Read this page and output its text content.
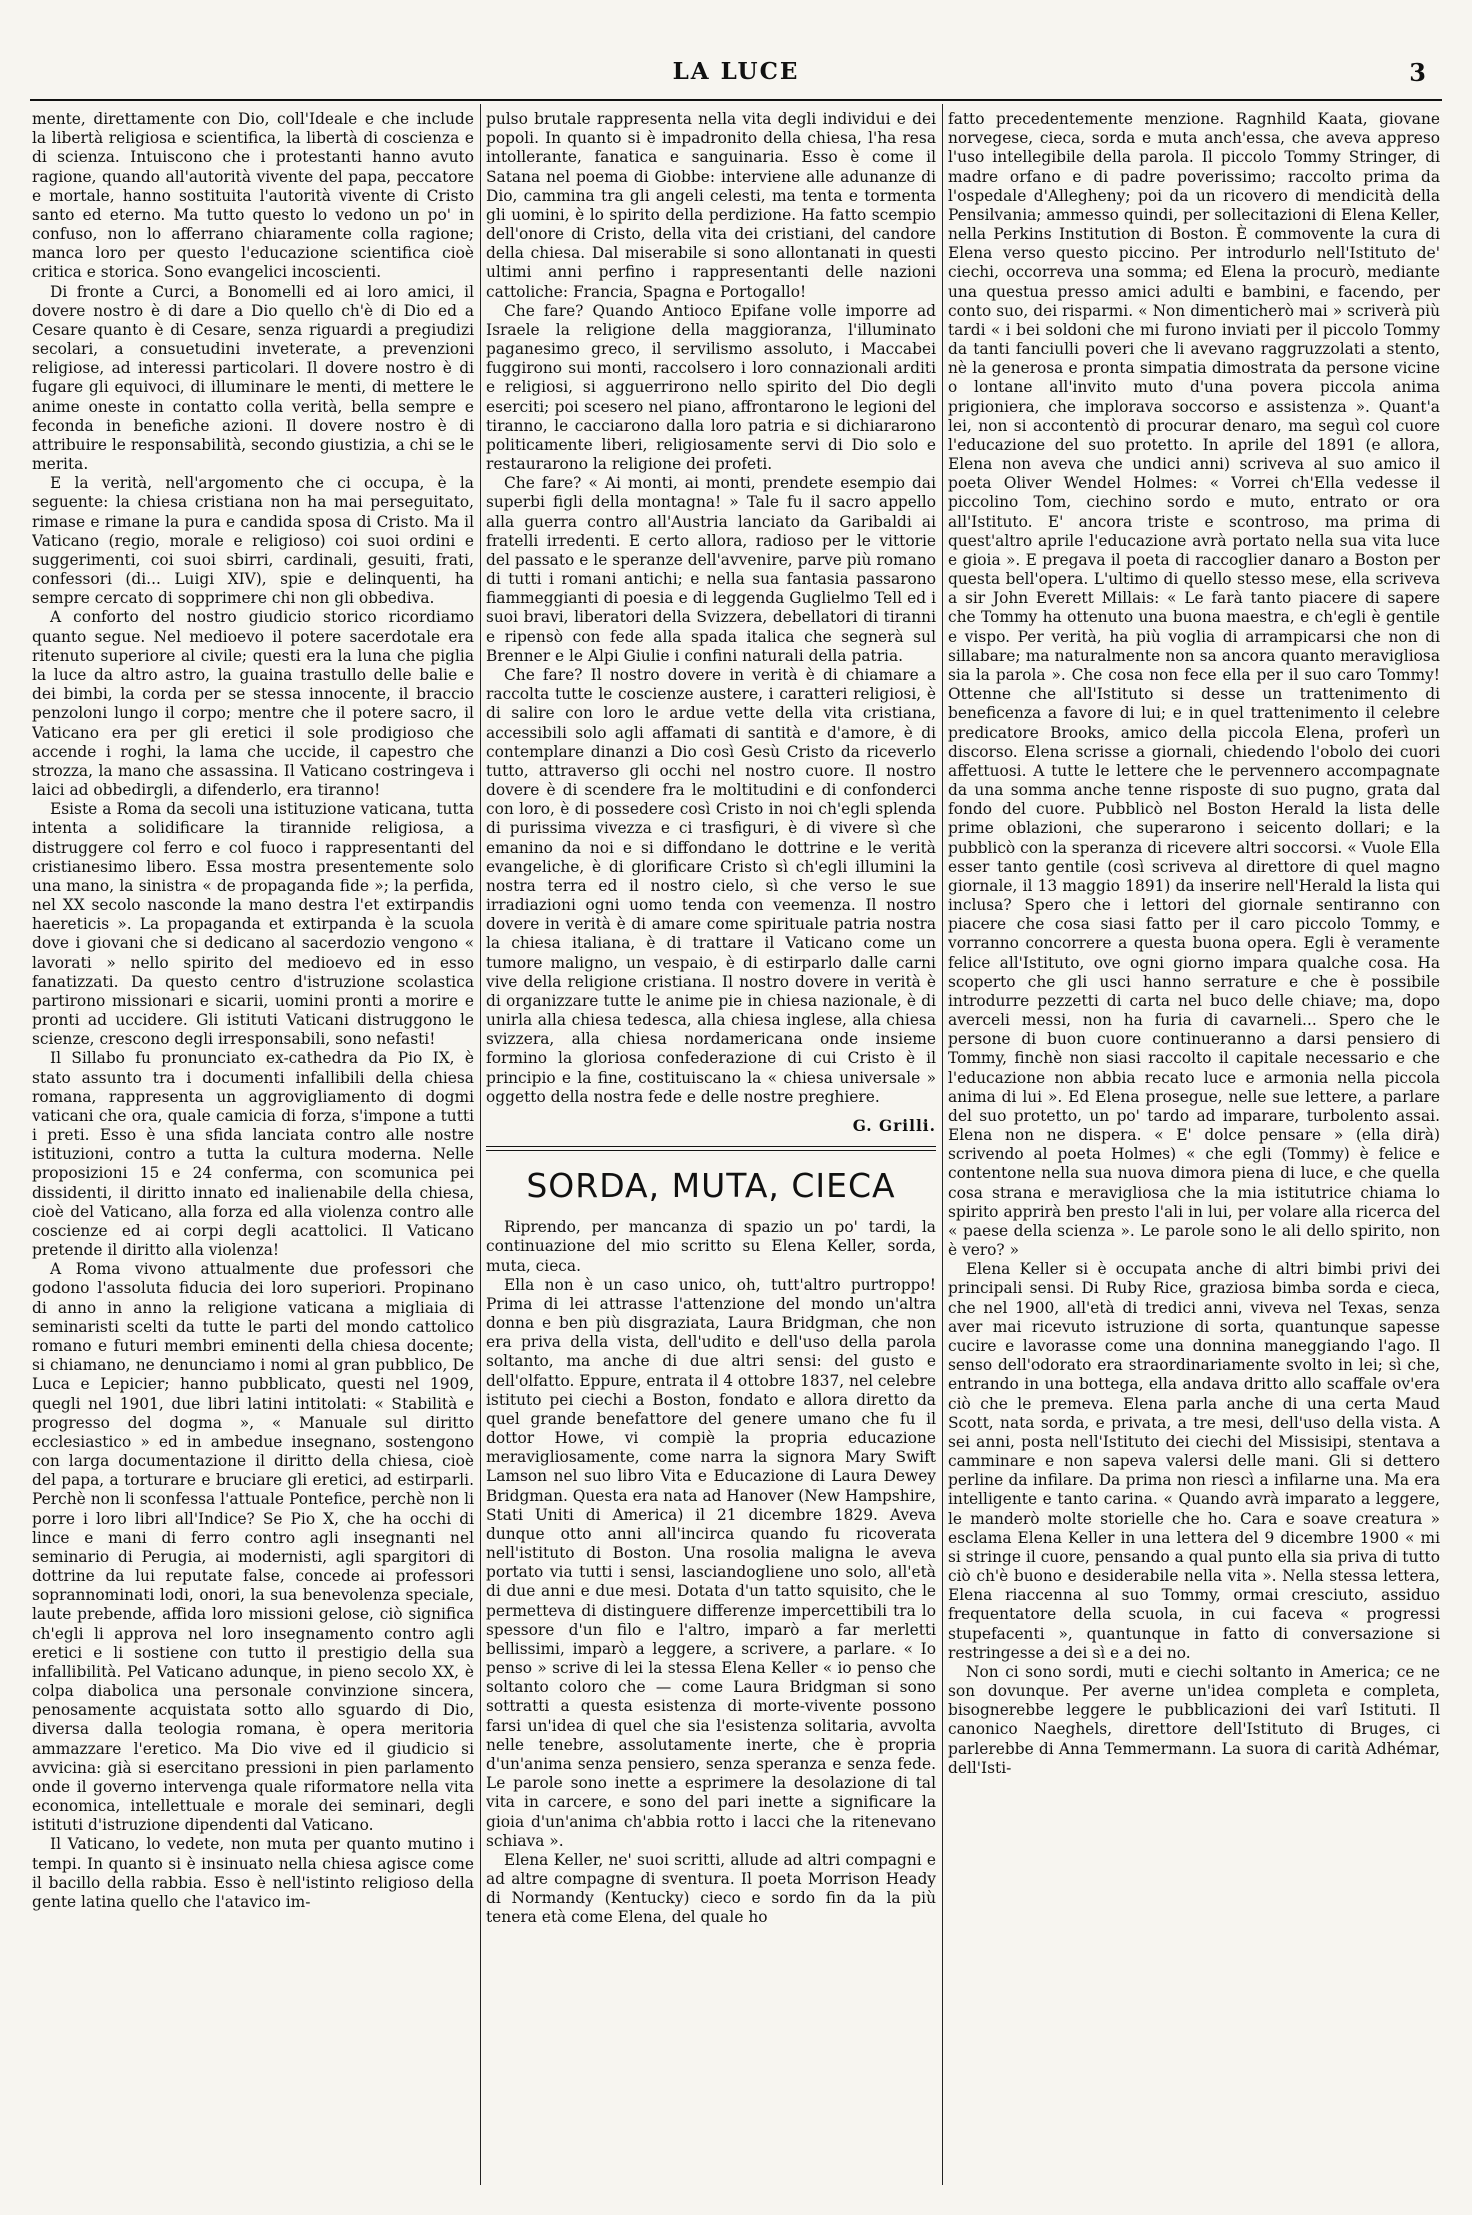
LA LUCE	3

mente, direttamente con Dio, coll'Ideale e che include la libertà religiosa e scientifica, la libertà di coscienza e di scienza. Intuiscono che i protestanti hanno avuto ragione, quando all'autorità vivente del papa, peccatore e mortale, hanno sostituita l'autorità vivente di Cristo santo ed eterno. Ma tutto questo lo vedono un po' in confuso, non lo afferrano chiaramente colla ragione; manca loro per questo l'educazione scientifica cioè critica e storica. Sono evangelici incoscienti.

Di fronte a Curci, a Bonomelli ed ai loro amici, il dovere nostro è di dare a Dio quello ch'è di Dio ed a Cesare quanto è di Cesare, senza riguardi a pregiudizi secolari, a consuetudini inveterate, a prevenzioni religiose, ad interessi particolari. Il dovere nostro è di fugare gli equivoci, di illuminare le menti, di mettere le anime oneste in contatto colla verità, bella sempre e feconda in benefiche azioni. Il dovere nostro è di attribuire le responsabilità, secondo giustizia, a chi se le merita.

E la verità, nell'argomento che ci occupa, è la seguente: la chiesa cristiana non ha mai perseguitato, rimase e rimane la pura e candida sposa di Cristo. Ma il Vaticano (regio, morale e religioso) coi suoi ordini e suggerimenti, coi suoi sbirri, cardinali, gesuiti, frati, confessori (di... Luigi XIV), spie e delinquenti, ha sempre cercato di sopprimere chi non gli obbediva.

A conforto del nostro giudicio storico ricordiamo quanto segue. Nel medioevo il potere sacerdotale era ritenuto superiore al civile; questi era la luna che piglia la luce da altro astro, la guaina trastullo delle balie e dei bimbi, la corda per se stessa innocente, il braccio penzoloni lungo il corpo; mentre che il potere sacro, il Vaticano era per gli eretici il sole prodigioso che accende i roghi, la lama che uccide, il capestro che strozza, la mano che assassina. Il Vaticano costringeva i laici ad obbedirgli, a difenderlo, era tiranno!

Esiste a Roma da secoli una istituzione vaticana, tutta intenta a solidificare la tirannide religiosa, a distruggere col ferro e col fuoco i rappresentanti del cristianesimo libero. Essa mostra presentemente solo una mano, la sinistra « de propaganda fide »; la perfida, nel XX secolo nasconde la mano destra l'et extirpandis haereticis ». La propaganda et extirpanda è la scuola dove i giovani che si dedicano al sacerdozio vengono « lavorati » nello spirito del medioevo ed in esso fanatizzati. Da questo centro d'istruzione scolastica partirono missionari e sicarii, uomini pronti a morire e pronti ad uccidere. Gli istituti Vaticani distruggono le scienze, crescono degli irresponsabili, sono nefasti!

Il Sillabo fu pronunciato ex-cathedra da Pio IX, è stato assunto tra i documenti infallibili della chiesa romana, rappresenta un aggrovigliamento di dogmi vaticani che ora, quale camicia di forza, s'impone a tutti i preti. Esso è una sfida lanciata contro alle nostre istituzioni, contro a tutta la cultura moderna. Nelle proposizioni 15 e 24 conferma, con scomunica pei dissidenti, il diritto innato ed inalienabile della chiesa, cioè del Vaticano, alla forza ed alla violenza contro alle coscienze ed ai corpi degli acattolici. Il Vaticano pretende il diritto alla violenza!

A Roma vivono attualmente due professori che godono l'assoluta fiducia dei loro superiori. Propinano di anno in anno la religione vaticana a migliaia di seminaristi scelti da tutte le parti del mondo cattolico romano e futuri membri eminenti della chiesa docente; si chiamano, ne denunciamo i nomi al gran pubblico, De Luca e Lepicier; hanno pubblicato, questi nel 1909, quegli nel 1901, due libri latini intitolati: « Stabilità e progresso del dogma », « Manuale sul diritto ecclesiastico » ed in ambedue insegnano, sostengono con larga documentazione il diritto della chiesa, cioè del papa, a torturare e bruciare gli eretici, ad estirparli. Perchè non li sconfessa l'attuale Pontefice, perchè non li porre i loro libri all'Indice? Se Pio X, che ha occhi di lince e mani di ferro contro agli insegnanti nel seminario di Perugia, ai modernisti, agli spargitori di dottrine da lui reputate false, concede ai professori soprannominati lodi, onori, la sua benevolenza speciale, laute prebende, affida loro missioni gelose, ciò significa ch'egli li approva nel loro insegnamento contro agli eretici e li sostiene con tutto il prestigio della sua infallibilità. Pel Vaticano adunque, in pieno secolo XX, è colpa diabolica una personale convinzione sincera, penosamente acquistata sotto allo sguardo di Dio, diversa dalla teologia romana, è opera meritoria ammazzare l'eretico. Ma Dio vive ed il giudicio si avvicina: già si esercitano pressioni in pien parlamento onde il governo intervenga quale riformatore nella vita economica, intellettuale e morale dei seminari, degli istituti d'istruzione dipendenti dal Vaticano.

Il Vaticano, lo vedete, non muta per quanto mutino i tempi. In quanto si è insinuato nella chiesa agisce come il bacillo della rabbia. Esso è nell'istinto religioso della gente latina quello che l'atavico im-

pulso brutale rappresenta nella vita degli individui e dei popoli. In quanto si è impadronito della chiesa, l'ha resa intollerante, fanatica e sanguinaria. Esso è come il Satana nel poema di Giobbe: interviene alle adunanze di Dio, cammina tra gli angeli celesti, ma tenta e tormenta gli uomini, è lo spirito della perdizione. Ha fatto scempio dell'onore di Cristo, della vita dei cristiani, del candore della chiesa. Dal miserabile si sono allontanati in questi ultimi anni perfino i rappresentanti delle nazioni cattoliche: Francia, Spagna e Portogallo!

Che fare? Quando Antioco Epifane volle imporre ad Israele la religione della maggioranza, l'illuminato paganesimo greco, il servilismo assoluto, i Maccabei fuggirono sui monti, raccolsero i loro connazionali arditi e religiosi, si agguerrirono nello spirito del Dio degli eserciti; poi scesero nel piano, affrontarono le legioni del tiranno, le cacciarono dalla loro patria e si dichiararono politicamente liberi, religiosamente servi di Dio solo e restaurarono la religione dei profeti.

Che fare? « Ai monti, ai monti, prendete esempio dai superbi figli della montagna! » Tale fu il sacro appello alla guerra contro all'Austria lanciato da Garibaldi ai fratelli irredenti. E certo allora, radioso per le vittorie del passato e le speranze dell'avvenire, parve più romano di tutti i romani antichi; e nella sua fantasia passarono fiammeggianti di poesia e di leggenda Guglielmo Tell ed i suoi bravi, liberatori della Svizzera, debellatori di tiranni e ripensò con fede alla spada italica che segnerà sul Brenner e le Alpi Giulie i confini naturali della patria.

Che fare? Il nostro dovere in verità è di chiamare a raccolta tutte le coscienze austere, i caratteri religiosi, è di salire con loro le ardue vette della vita cristiana, accessibili solo agli affamati di santità e d'amore, è di contemplare dinanzi a Dio così Gesù Cristo da riceverlo tutto, attraverso gli occhi nel nostro cuore. Il nostro dovere è di scendere fra le moltitudini e di confonderci con loro, è di possedere così Cristo in noi ch'egli splenda di purissima vivezza e ci trasfiguri, è di vivere sì che emanino da noi e si diffondano le dottrine e le verità evangeliche, è di glorificare Cristo sì ch'egli illumini la nostra terra ed il nostro cielo, sì che verso le sue irradiazioni ogni uomo tenda con veemenza. Il nostro dovere in verità è di amare come spirituale patria nostra la chiesa italiana, è di trattare il Vaticano come un tumore maligno, un vespaio, è di estirparlo dalle carni vive della religione cristiana. Il nostro dovere in verità è di organizzare tutte le anime pie in chiesa nazionale, è di unirla alla chiesa tedesca, alla chiesa inglese, alla chiesa svizzera, alla chiesa nordamericana onde insieme formino la gloriosa confederazione di cui Cristo è il principio e la fine, costituiscano la « chiesa universale » oggetto della nostra fede e delle nostre preghiere.

G. Grilli.
SORDA, MUTA, CIECA

Riprendo, per mancanza di spazio un po' tardi, la continuazione del mio scritto su Elena Keller, sorda, muta, cieca.

Ella non è un caso unico, oh, tutt'altro purtroppo! Prima di lei attrasse l'attenzione del mondo un'altra donna e ben più disgraziata, Laura Bridgman, che non era priva della vista, dell'udito e dell'uso della parola soltanto, ma anche di due altri sensi: del gusto e dell'olfatto. Eppure, entrata il 4 ottobre 1837, nel celebre istituto pei ciechi a Boston, fondato e allora diretto da quel grande benefattore del genere umano che fu il dottor Howe, vi compiè la propria educazione meravigliosamente, come narra la signora Mary Swift Lamson nel suo libro Vita e Educazione di Laura Dewey Bridgman. Questa era nata ad Hanover (New Hampshire, Stati Uniti di America) il 21 dicembre 1829. Aveva dunque otto anni all'incirca quando fu ricoverata nell'istituto di Boston. Una rosolia maligna le aveva portato via tutti i sensi, lasciandogliene uno solo, all'età di due anni e due mesi. Dotata d'un tatto squisito, che le permetteva di distinguere differenze impercettibili tra lo spessore d'un filo e l'altro, imparò a far merletti bellissimi, imparò a leggere, a scrivere, a parlare. « Io penso » scrive di lei la stessa Elena Keller « io penso che soltanto coloro che — come Laura Bridgman si sono sottratti a questa esistenza di morte-vivente possono farsi un'idea di quel che sia l'esistenza solitaria, avvolta nelle tenebre, assolutamente inerte, che è propria d'un'anima senza pensiero, senza speranza e senza fede. Le parole sono inette a esprimere la desolazione di tal vita in carcere, e sono del pari inette a significare la gioia d'un'anima ch'abbia rotto i lacci che la ritenevano schiava ».

Elena Keller, ne' suoi scritti, allude ad altri compagni e ad altre compagne di sventura. Il poeta Morrison Heady di Normandy (Kentucky) cieco e sordo fin da la più tenera età come Elena, del quale ho

fatto precedentemente menzione. Ragnhild Kaata, giovane norvegese, cieca, sorda e muta anch'essa, che aveva appreso l'uso intellegibile della parola. Il piccolo Tommy Stringer, di madre orfano e di padre poverissimo; raccolto prima da l'ospedale d'Allegheny; poi da un ricovero di mendicità della Pensilvania; ammesso quindi, per sollecitazioni di Elena Keller, nella Perkins Institution di Boston. È commovente la cura di Elena verso questo piccino. Per introdurlo nell'Istituto de' ciechi, occorreva una somma; ed Elena la procurò, mediante una questua presso amici adulti e bambini, e facendo, per conto suo, dei risparmi. « Non dimenticherò mai » scriverà più tardi « i bei soldoni che mi furono inviati per il piccolo Tommy da tanti fanciulli poveri che li avevano raggruzzolati a stento, nè la generosa e pronta simpatia dimostrata da persone vicine o lontane all'invito muto d'una povera piccola anima prigioniera, che implorava soccorso e assistenza ». Quant'a lei, non si accontentò di procurar denaro, ma seguì col cuore l'educazione del suo protetto. In aprile del 1891 (e allora, Elena non aveva che undici anni) scriveva al suo amico il poeta Oliver Wendel Holmes: « Vorrei ch'Ella vedesse il piccolino Tom, ciechino sordo e muto, entrato or ora all'Istituto. E' ancora triste e scontroso, ma prima di quest'altro aprile l'educazione avrà portato nella sua vita luce e gioia ». E pregava il poeta di raccoglier danaro a Boston per questa bell'opera. L'ultimo di quello stesso mese, ella scriveva a sir John Everett Millais: « Le farà tanto piacere di sapere che Tommy ha ottenuto una buona maestra, e ch'egli è gentile e vispo. Per verità, ha più voglia di arrampicarsi che non di sillabare; ma naturalmente non sa ancora quanto meravigliosa sia la parola ». Che cosa non fece ella per il suo caro Tommy! Ottenne che all'Istituto si desse un trattenimento di beneficenza a favore di lui; e in quel trattenimento il celebre predicatore Brooks, amico della piccola Elena, proferì un discorso. Elena scrisse a giornali, chiedendo l'obolo dei cuori affettuosi. A tutte le lettere che le pervennero accompagnate da una somma anche tenne risposte di suo pugno, grata dal fondo del cuore. Pubblicò nel Boston Herald la lista delle prime oblazioni, che superarono i seicento dollari; e la pubblicò con la speranza di ricevere altri soccorsi. « Vuole Ella esser tanto gentile (così scriveva al direttore di quel magno giornale, il 13 maggio 1891) da inserire nell'Herald la lista qui inclusa? Spero che i lettori del giornale sentiranno con piacere che cosa siasi fatto per il caro piccolo Tommy, e vorranno concorrere a questa buona opera. Egli è veramente felice all'Istituto, ove ogni giorno impara qualche cosa. Ha scoperto che gli usci hanno serrature e che è possibile introdurre pezzetti di carta nel buco delle chiave; ma, dopo averceli messi, non ha furia di cavarneli... Spero che le persone di buon cuore continueranno a darsi pensiero di Tommy, finchè non siasi raccolto il capitale necessario e che l'educazione non abbia recato luce e armonia nella piccola anima di lui ». Ed Elena prosegue, nelle sue lettere, a parlare del suo protetto, un po' tardo ad imparare, turbolento assai. Elena non ne dispera. « E' dolce pensare » (ella dirà) scrivendo al poeta Holmes) « che egli (Tommy) è felice e contentone nella sua nuova dimora piena di luce, e che quella cosa strana e meravigliosa che la mia istitutrice chiama lo spirito apprirà ben presto l'ali in lui, per volare alla ricerca del « paese della scienza ». Le parole sono le ali dello spirito, non è vero? »

Elena Keller si è occupata anche di altri bimbi privi dei principali sensi. Di Ruby Rice, graziosa bimba sorda e cieca, che nel 1900, all'età di tredici anni, viveva nel Texas, senza aver mai ricevuto istruzione di sorta, quantunque sapesse cucire e lavorasse come una donnina maneggiando l'ago. Il senso dell'odorato era straordinariamente svolto in lei; sì che, entrando in una bottega, ella andava dritto allo scaffale ov'era ciò che le premeva. Elena parla anche di una certa Maud Scott, nata sorda, e privata, a tre mesi, dell'uso della vista. A sei anni, posta nell'Istituto dei ciechi del Missisipi, stentava a camminare e non sapeva valersi delle mani. Gli si dettero perline da infilare. Da prima non riescì a infilarne una. Ma era intelligente e tanto carina. « Quando avrà imparato a leggere, le manderò molte storielle che ho. Cara e soave creatura » esclama Elena Keller in una lettera del 9 dicembre 1900 « mi si stringe il cuore, pensando a qual punto ella sia priva di tutto ciò ch'è buono e desiderabile nella vita ». Nella stessa lettera, Elena riaccenna al suo Tommy, ormai cresciuto, assiduo frequentatore della scuola, in cui faceva « progressi stupefacenti », quantunque in fatto di conversazione si restringesse a dei sì e a dei no.

Non ci sono sordi, muti e ciechi soltanto in America; ce ne son dovunque. Per averne un'idea completa e completa, bisognerebbe leggere le pubblicazioni dei varî Istituti. Il canonico Naeghels, direttore dell'Istituto di Bruges, ci parlerebbe di Anna Temmermann. La suora di carità Adhémar, dell'Isti-
